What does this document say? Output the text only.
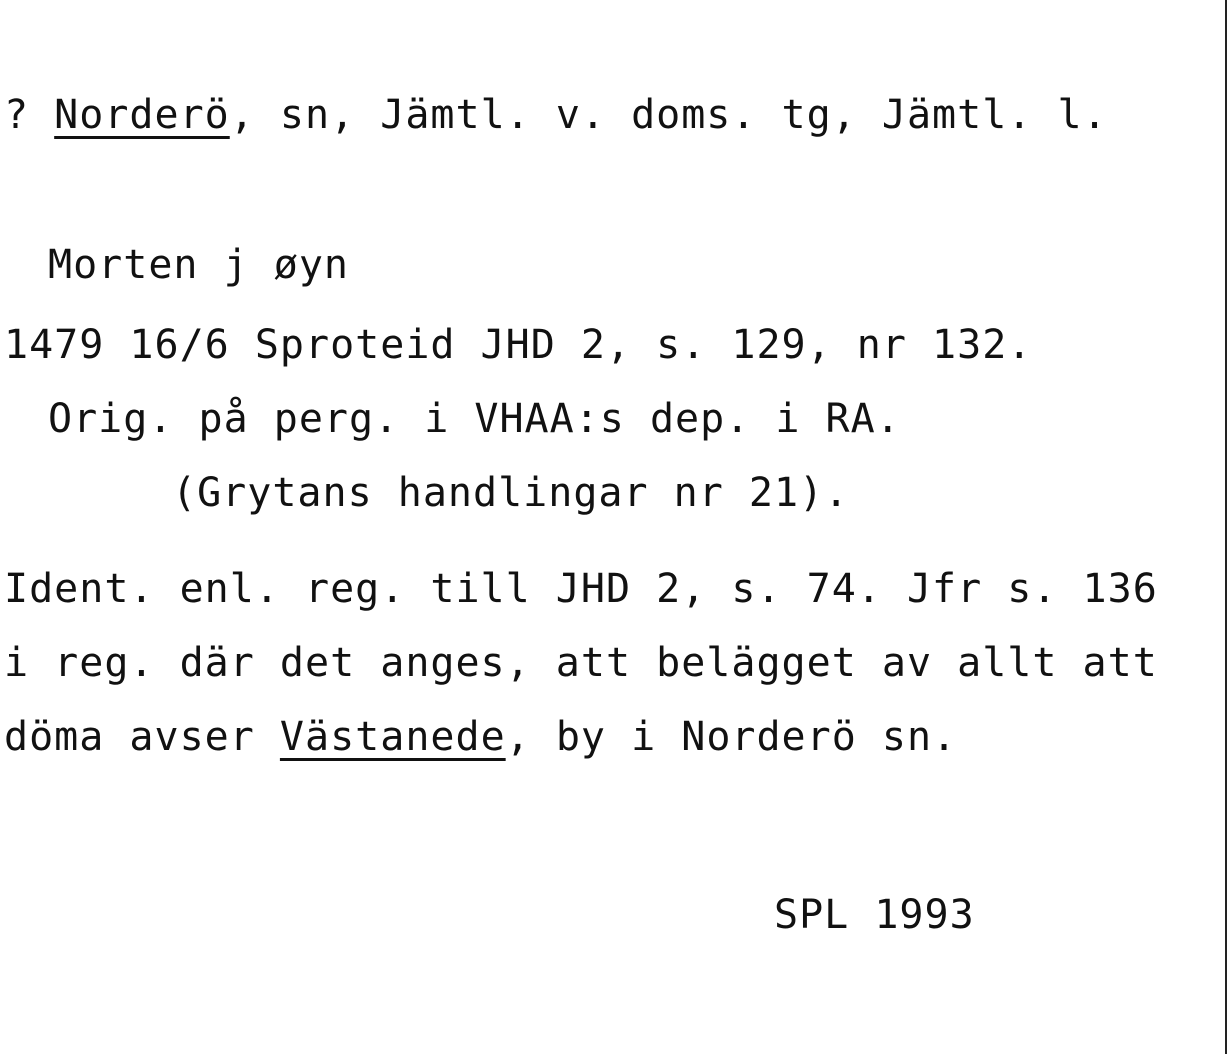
? Norderö, sn, Jämtl. v. doms. tg, Jämtl. l.
Morten j øyn
1479 16/6 Sproteid JHD 2, s. 129, nr 132.
Orig. på perg. i VHAA:s dep. i RA.
(Grytans handlingar nr 21).
Ident. enl. reg. till JHD 2, s. 74. Jfr s. 136
i reg. där det anges, att belägget av allt att
döma avser Västanede, by i Norderö sn.
SPL 1993
